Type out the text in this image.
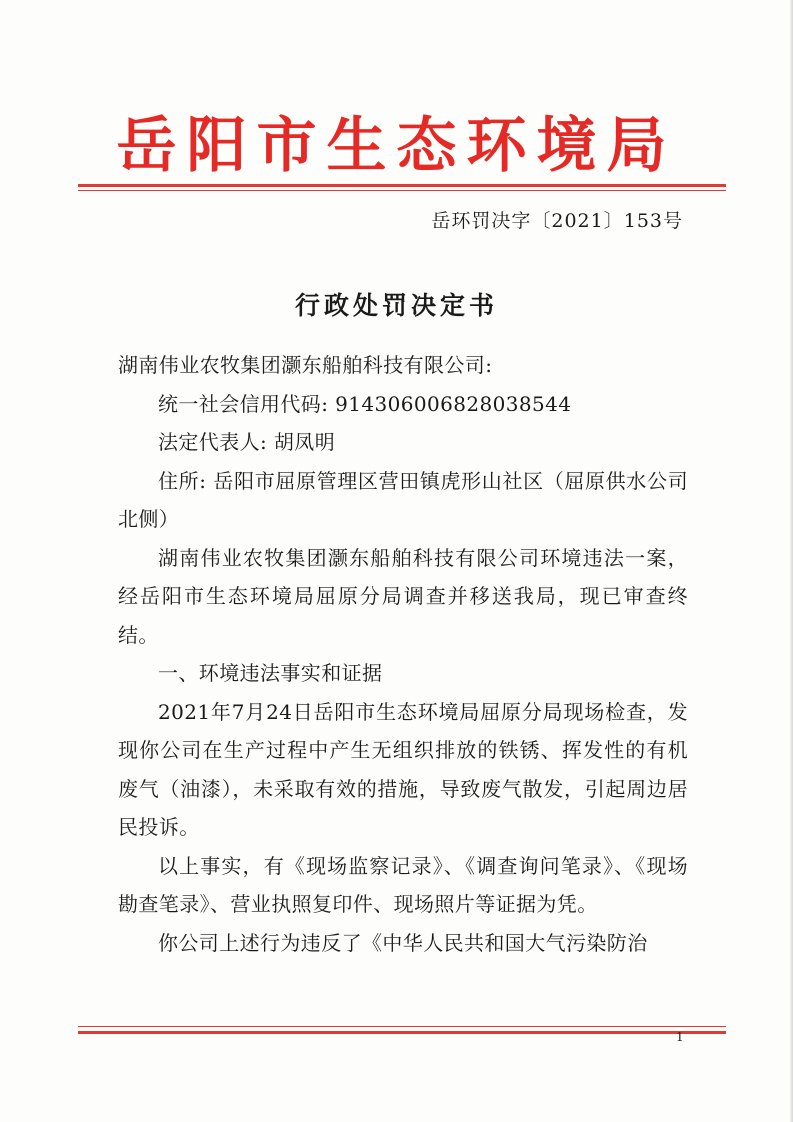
岳阳市生态环境局
岳环罚决字〔2021〕153号
行政处罚决定书

湖南伟业农牧集团灏东船舶科技有限公司:

统一社会信用代码: 91430600682803854​4

法定代表人: 胡凤明

住所: 岳阳市屈原管理区营田镇虎形山社区（屈原供水公司北侧）

湖南伟业农牧集团灏东船舶科技有限公司环境违法一案，经岳阳市生态环境局屈原分局调查并移送我局，现已审查终结。

一、环境违法事实和证据

2021年7月24日岳阳市生态环境局屈原分局现场检查，发现你公司在生产过程中产生无组织排放的铁锈、挥发性的有机废气（油漆），未采取有效的措施，导致废气散发，引起周边居民投诉。

以上事实，有《现场监察记录》、《调查询问笔录》、《现场勘查笔录》、营业执照复印件、现场照片等证据为凭。

你公司上述行为违反了《中华人民共和国大气污染防治

1
